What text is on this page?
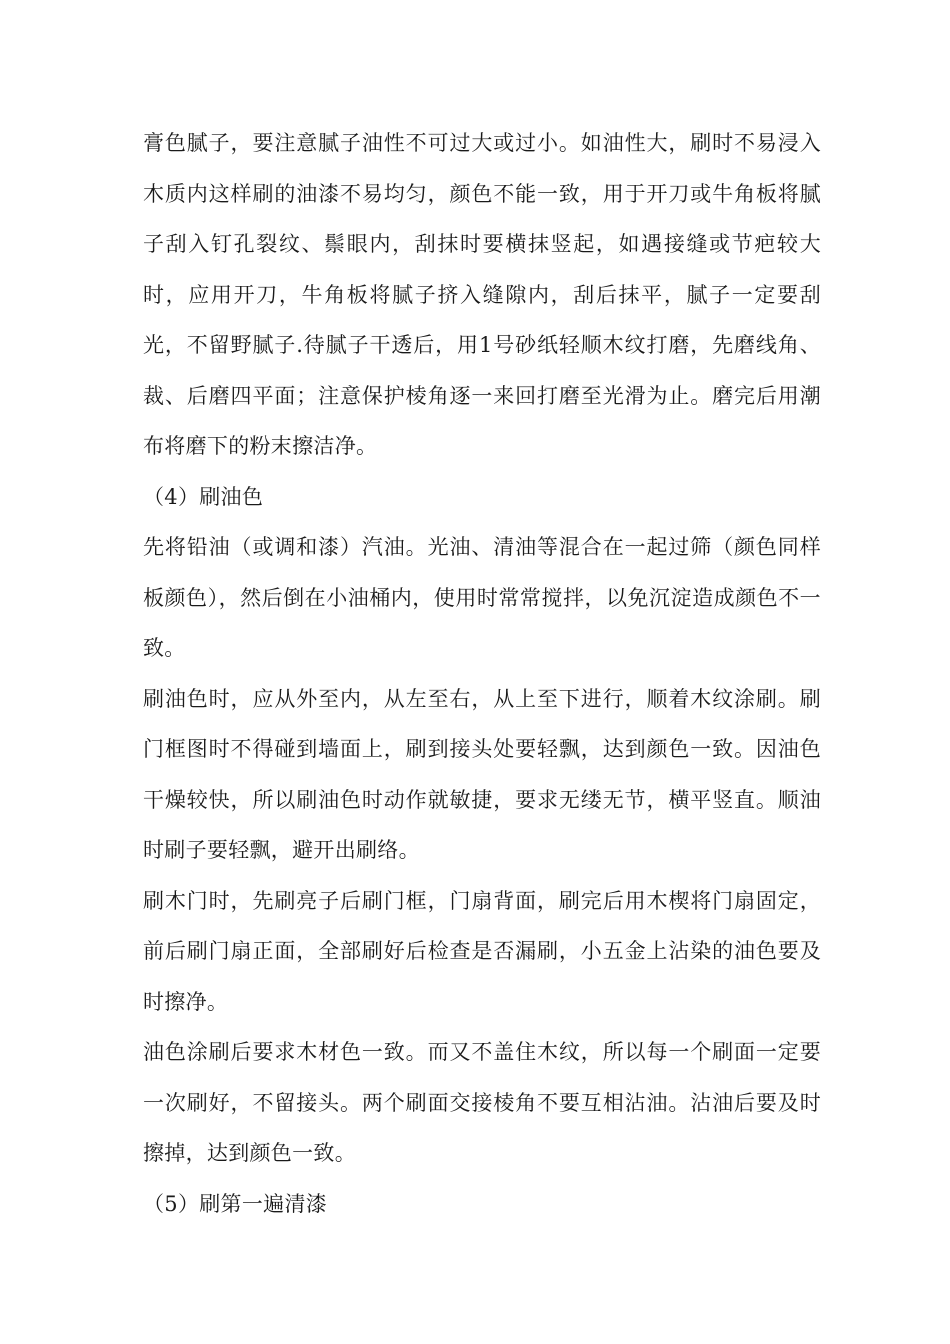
膏色腻子，要注意腻子油性不可过大或过小。如油性大，刷时不易浸入木质内这样刷的油漆不易均匀，颜色不能一致，用于开刀或牛角板将腻子刮入钉孔裂纹、鬃眼内，刮抹时要横抹竖起，如遇接缝或节疤较大时，应用开刀，牛角板将腻子挤入缝隙内，刮后抹平，腻子一定要刮光，不留野腻子.待腻子干透后，用1号砂纸轻顺木纹打磨，先磨线角、裁、后磨四平面；注意保护棱角逐一来回打磨至光滑为止。磨完后用潮布将磨下的粉末擦洁净。

（4）刷油色

先将铅油（或调和漆）汽油。光油、清油等混合在一起过筛（颜色同样板颜色），然后倒在小油桶内，使用时常常搅拌，以免沉淀造成颜色不一致。

刷油色时，应从外至内，从左至右，从上至下进行，顺着木纹涂刷。刷门框图时不得碰到墙面上，刷到接头处要轻飘，达到颜色一致。因油色干燥较快，所以刷油色时动作就敏捷，要求无缕无节，横平竖直。顺油时刷子要轻飘，避开出刷络。

刷木门时，先刷亮子后刷门框，门扇背面，刷完后用木楔将门扇固定，前后刷门扇正面，全部刷好后检查是否漏刷，小五金上沾染的油色要及时擦净。

油色涂刷后要求木材色一致。而又不盖住木纹，所以每一个刷面一定要一次刷好，不留接头。两个刷面交接棱角不要互相沾油。沾油后要及时擦掉，达到颜色一致。

（5）刷第一遍清漆
